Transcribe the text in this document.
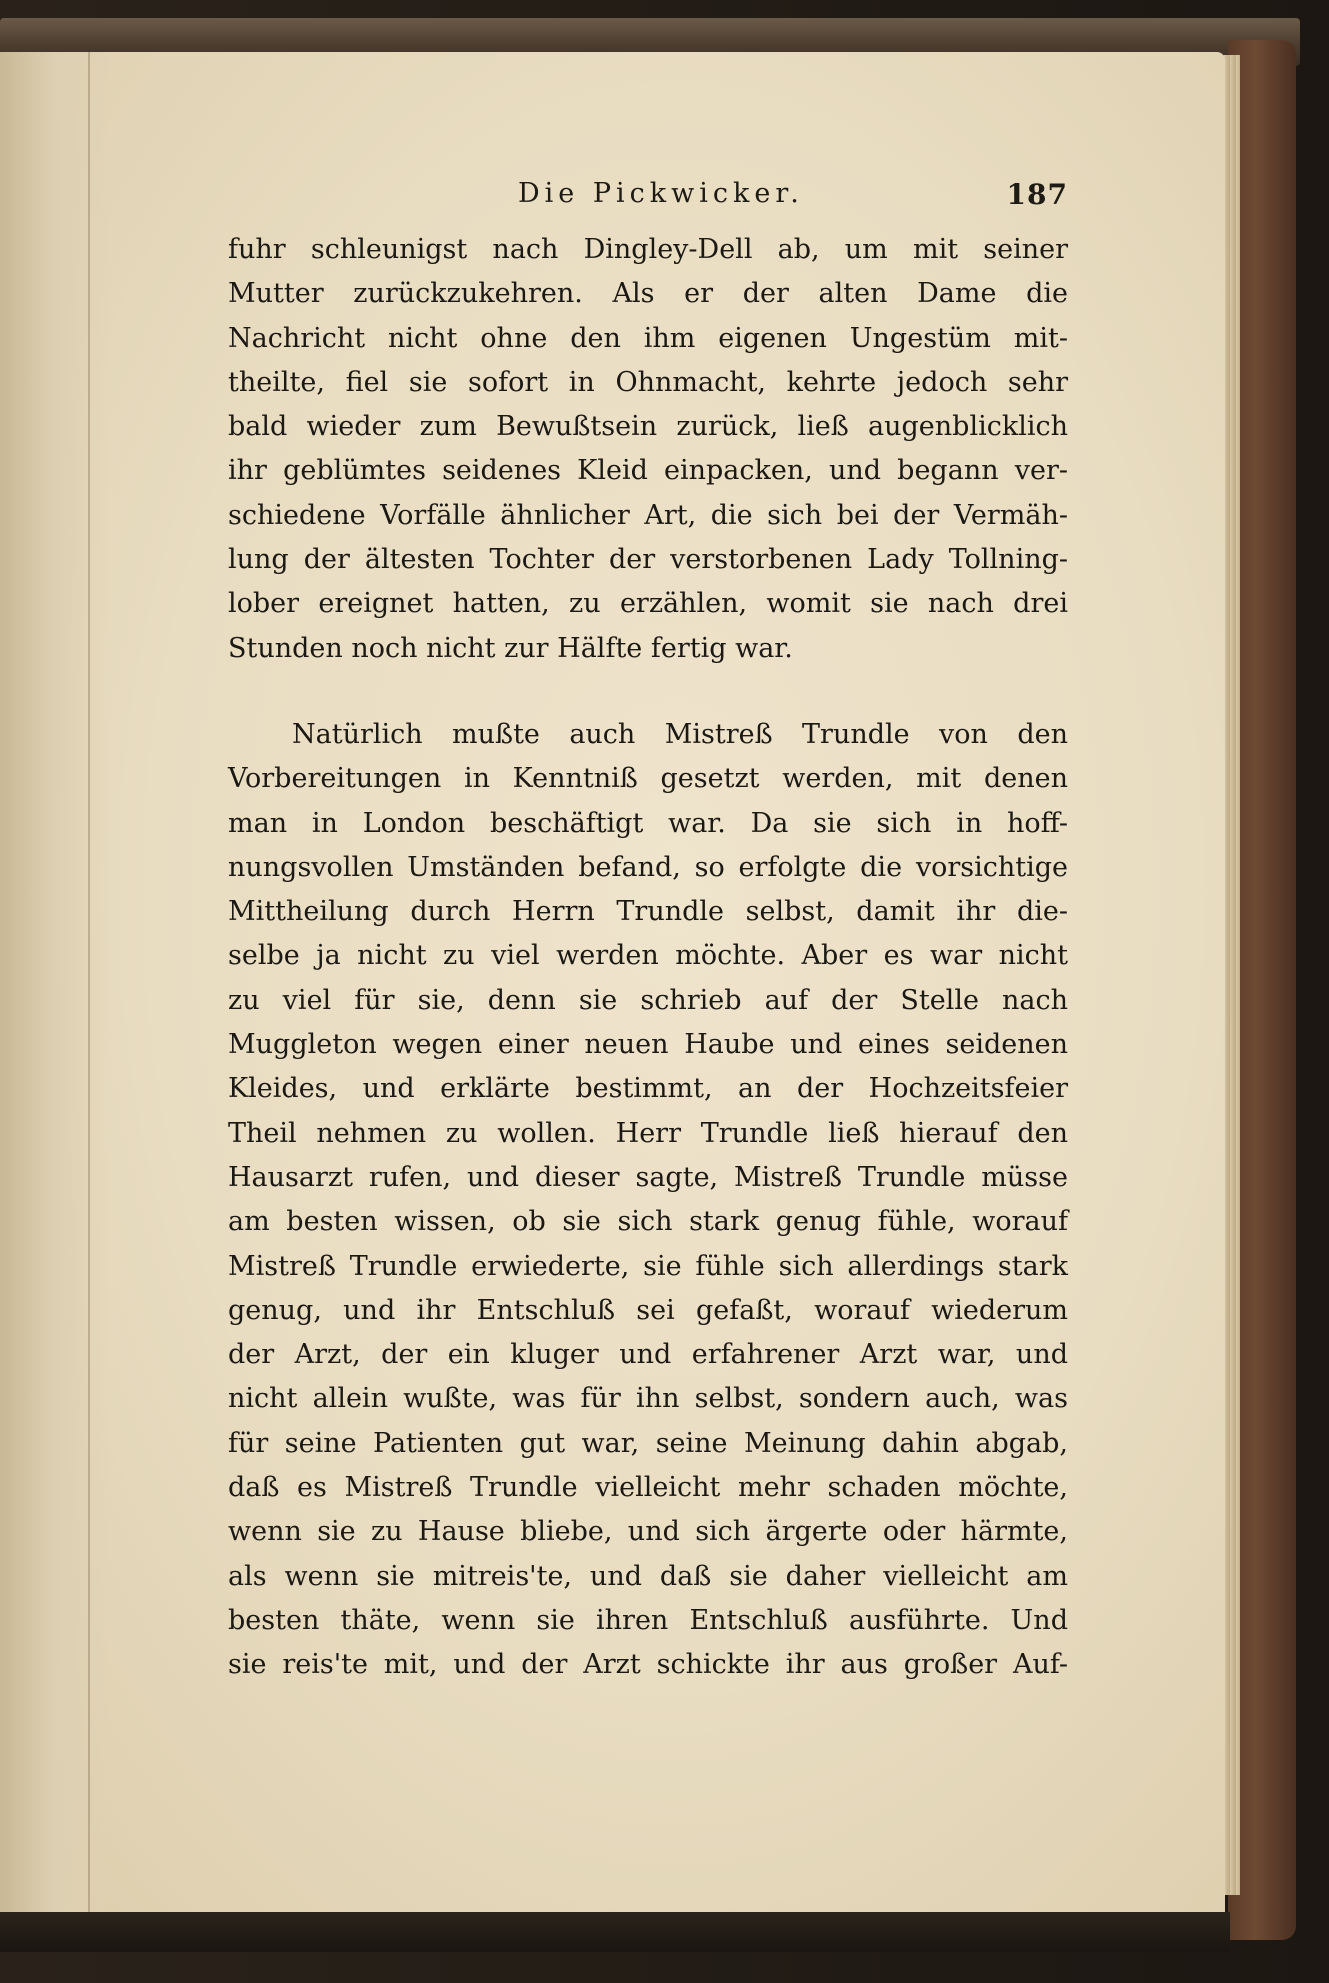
Die Pickwicker.	187
fuhr schleunigst nach Dingley-Dell ab, um mit seiner
Mutter zurückzukehren. Als er der alten Dame die
Nachricht nicht ohne den ihm eigenen Ungestüm mit-
theilte, fiel sie sofort in Ohnmacht, kehrte jedoch sehr
bald wieder zum Bewußtsein zurück, ließ augenblicklich
ihr geblümtes seidenes Kleid einpacken, und begann ver-
schiedene Vorfälle ähnlicher Art, die sich bei der Vermäh-
lung der ältesten Tochter der verstorbenen Lady Tollning-
lober ereignet hatten, zu erzählen, womit sie nach drei
Stunden noch nicht zur Hälfte fertig war.
Natürlich mußte auch Mistreß Trundle von den
Vorbereitungen in Kenntniß gesetzt werden, mit denen
man in London beschäftigt war. Da sie sich in hoff-
nungsvollen Umständen befand, so erfolgte die vorsichtige
Mittheilung durch Herrn Trundle selbst, damit ihr die-
selbe ja nicht zu viel werden möchte. Aber es war nicht
zu viel für sie, denn sie schrieb auf der Stelle nach
Muggleton wegen einer neuen Haube und eines seidenen
Kleides, und erklärte bestimmt, an der Hochzeitsfeier
Theil nehmen zu wollen. Herr Trundle ließ hierauf den
Hausarzt rufen, und dieser sagte, Mistreß Trundle müsse
am besten wissen, ob sie sich stark genug fühle, worauf
Mistreß Trundle erwiederte, sie fühle sich allerdings stark
genug, und ihr Entschluß sei gefaßt, worauf wiederum
der Arzt, der ein kluger und erfahrener Arzt war, und
nicht allein wußte, was für ihn selbst, sondern auch, was
für seine Patienten gut war, seine Meinung dahin abgab,
daß es Mistreß Trundle vielleicht mehr schaden möchte,
wenn sie zu Hause bliebe, und sich ärgerte oder härmte,
als wenn sie mitreis'te, und daß sie daher vielleicht am
besten thäte, wenn sie ihren Entschluß ausführte. Und
sie reis'te mit, und der Arzt schickte ihr aus großer Auf-
